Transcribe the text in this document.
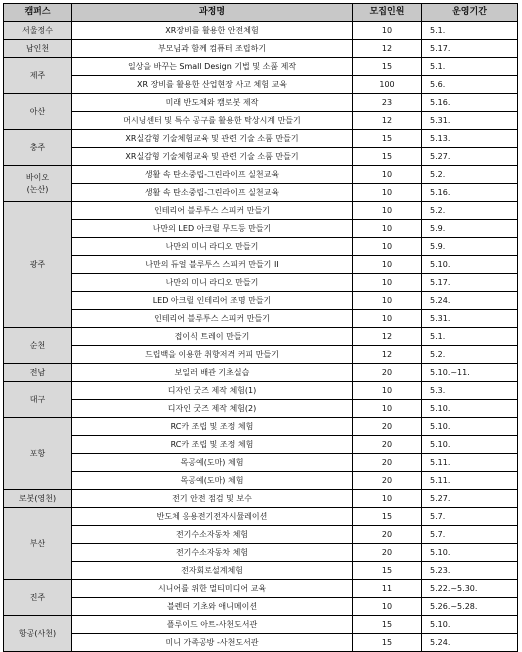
캠퍼스	과정명	모집인원	운영기간
서울정수	XR장비를 활용한 안전체험	10	5.1.
남인천	부모님과 함께 컴퓨터 조립하기	12	5.17.
제주	일상을 바꾸는 Small Design 기법 및 소품 제작	15	5.1.
	XR 장비를 활용한 산업현장 사고 체험 교육	100	5.6.
아산	미래 반도체와 캠로봇 제작	23	5.16.
	머시닝센터 및 특수 공구를 활용한 탁상시계 만들기	12	5.31.
충주	XR실감형 기술체험교육 및 관련 기술 소품 만들기	15	5.13.
	XR실감형 기술체험교육 및 관련 기술 소품 만들기	15	5.27.
바이오
(논산)	생활 속 탄소중립-그린라이프 실천교육	10	5.2.
	생활 속 탄소중립-그린라이프 실천교육	10	5.16.
광주	인테리어 블루투스 스피커 만들기	10	5.2.
	나만의 LED 아크릴 무드등 만들기	10	5.9.
	나만의 미니 라디오 만들기	10	5.9.
	나만의 듀얼 블루투스 스피커 만들기 II	10	5.10.
	나만의 미니 라디오 만들기	10	5.17.
	LED 아크릴 인테리어 조명 만들기	10	5.24.
	인테리어 블루투스 스피커 만들기	10	5.31.
순천	접이식 트레이 만들기	12	5.1.
	드립백을 이용한 취향저격 커피 만들기	12	5.2.
전남	보일러 배관 기초실습	20	5.10.~11.
대구	디자인 굿즈 제작 체험(1)	10	5.3.
	디자인 굿즈 제작 체험(2)	10	5.10.
포항	RC카 조립 및 조정 체험	20	5.10.
	RC카 조립 및 조정 체험	20	5.10.
	목공예(도마) 체험	20	5.11.
	목공예(도마) 체험	20	5.11.
로봇(영천)	전기 안전 점검 및 보수	10	5.27.
부산	반도체 응용전기전자시뮬레이션	15	5.7.
	전기수소자동차 체험	20	5.7.
	전기수소자동차 체험	20	5.10.
	전자회로설계체험	15	5.23.
진주	시니어를 위한 멀티미디어 교육	11	5.22.~5.30.
	블렌더 기초와 애니메이션	10	5.26.~5.28.
항공(사천)	플루이드 아트-사천도서관	15	5.10.
	미니 가족공방 -사천도서관	15	5.24.
